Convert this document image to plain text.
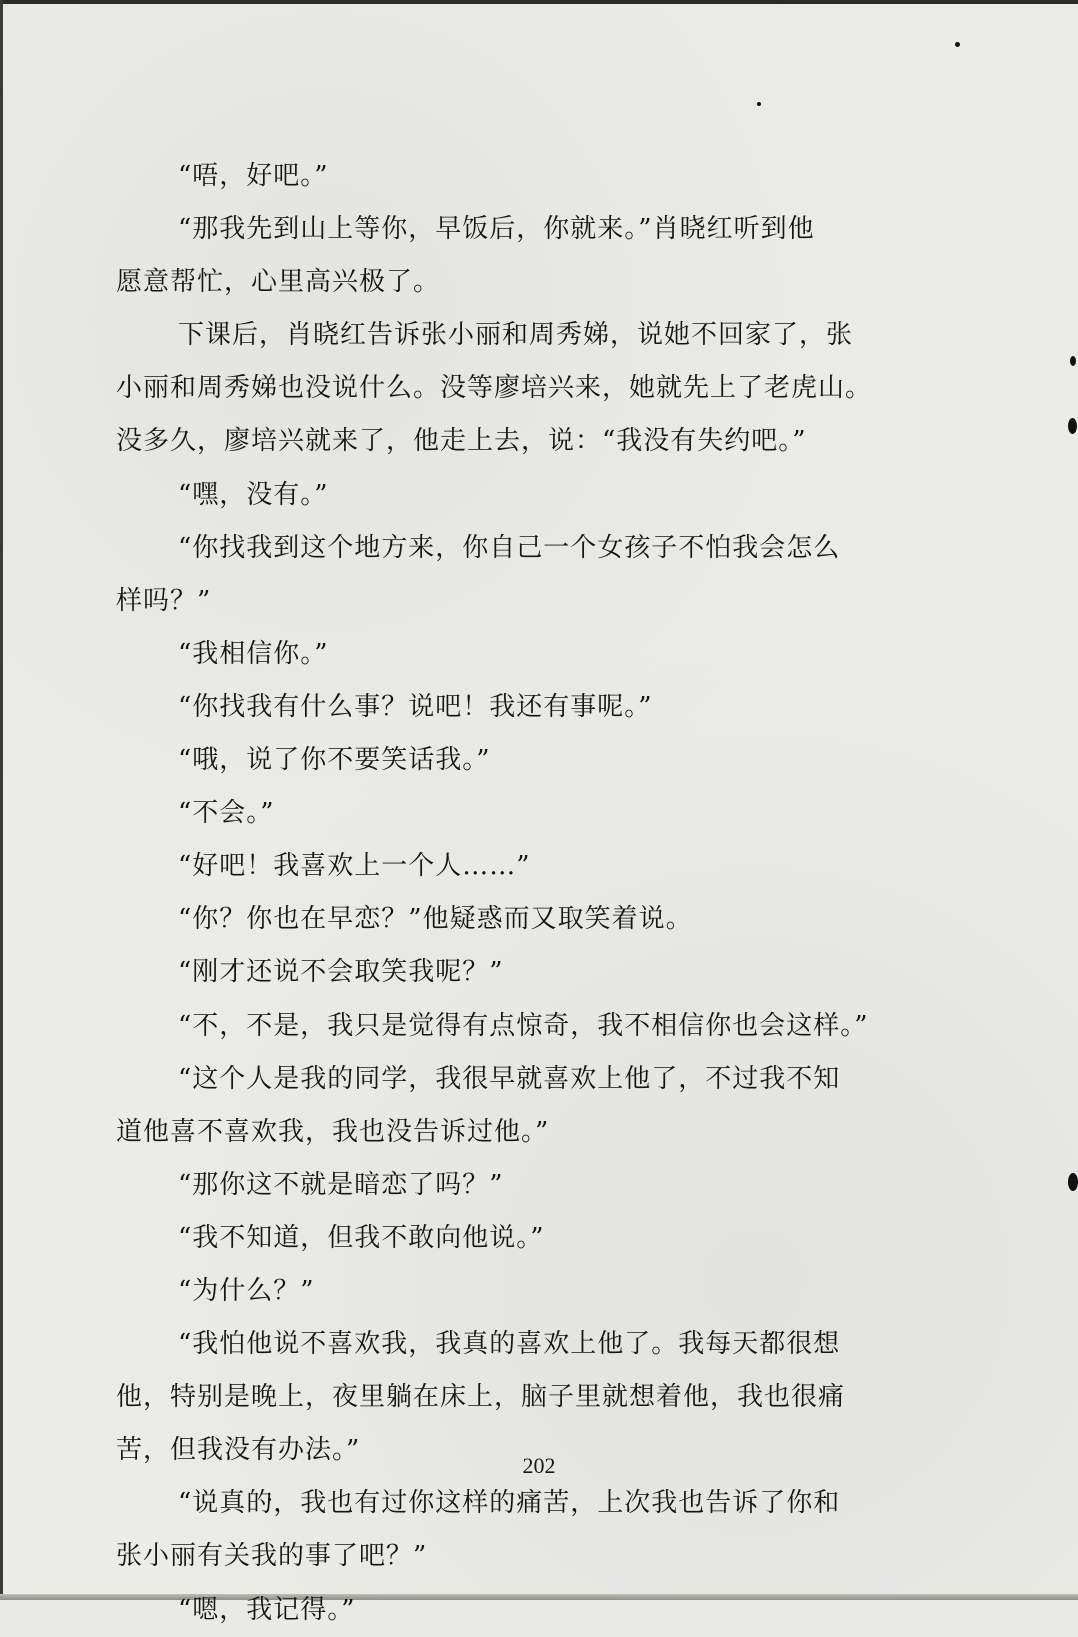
“唔，好吧。”
“那我先到山上等你，早饭后，你就来。”肖晓红听到他
愿意帮忙，心里高兴极了。
下课后，肖晓红告诉张小丽和周秀娣，说她不回家了，张
小丽和周秀娣也没说什么。没等廖培兴来，她就先上了老虎山。
没多久，廖培兴就来了，他走上去，说：“我没有失约吧。”
“嘿，没有。”
“你找我到这个地方来，你自己一个女孩子不怕我会怎么
样吗？”
“我相信你。”
“你找我有什么事？说吧！我还有事呢。”
“哦，说了你不要笑话我。”
“不会。”
“好吧！我喜欢上一个人……”
“你？你也在早恋？”他疑惑而又取笑着说。
“刚才还说不会取笑我呢？”
“不，不是，我只是觉得有点惊奇，我不相信你也会这样。”
“这个人是我的同学，我很早就喜欢上他了，不过我不知
道他喜不喜欢我，我也没告诉过他。”
“那你这不就是暗恋了吗？”
“我不知道，但我不敢向他说。”
“为什么？”
“我怕他说不喜欢我，我真的喜欢上他了。我每天都很想
他，特别是晚上，夜里躺在床上，脑子里就想着他，我也很痛
苦，但我没有办法。”
“说真的，我也有过你这样的痛苦，上次我也告诉了你和
张小丽有关我的事了吧？”
“嗯，我记得。”
202
